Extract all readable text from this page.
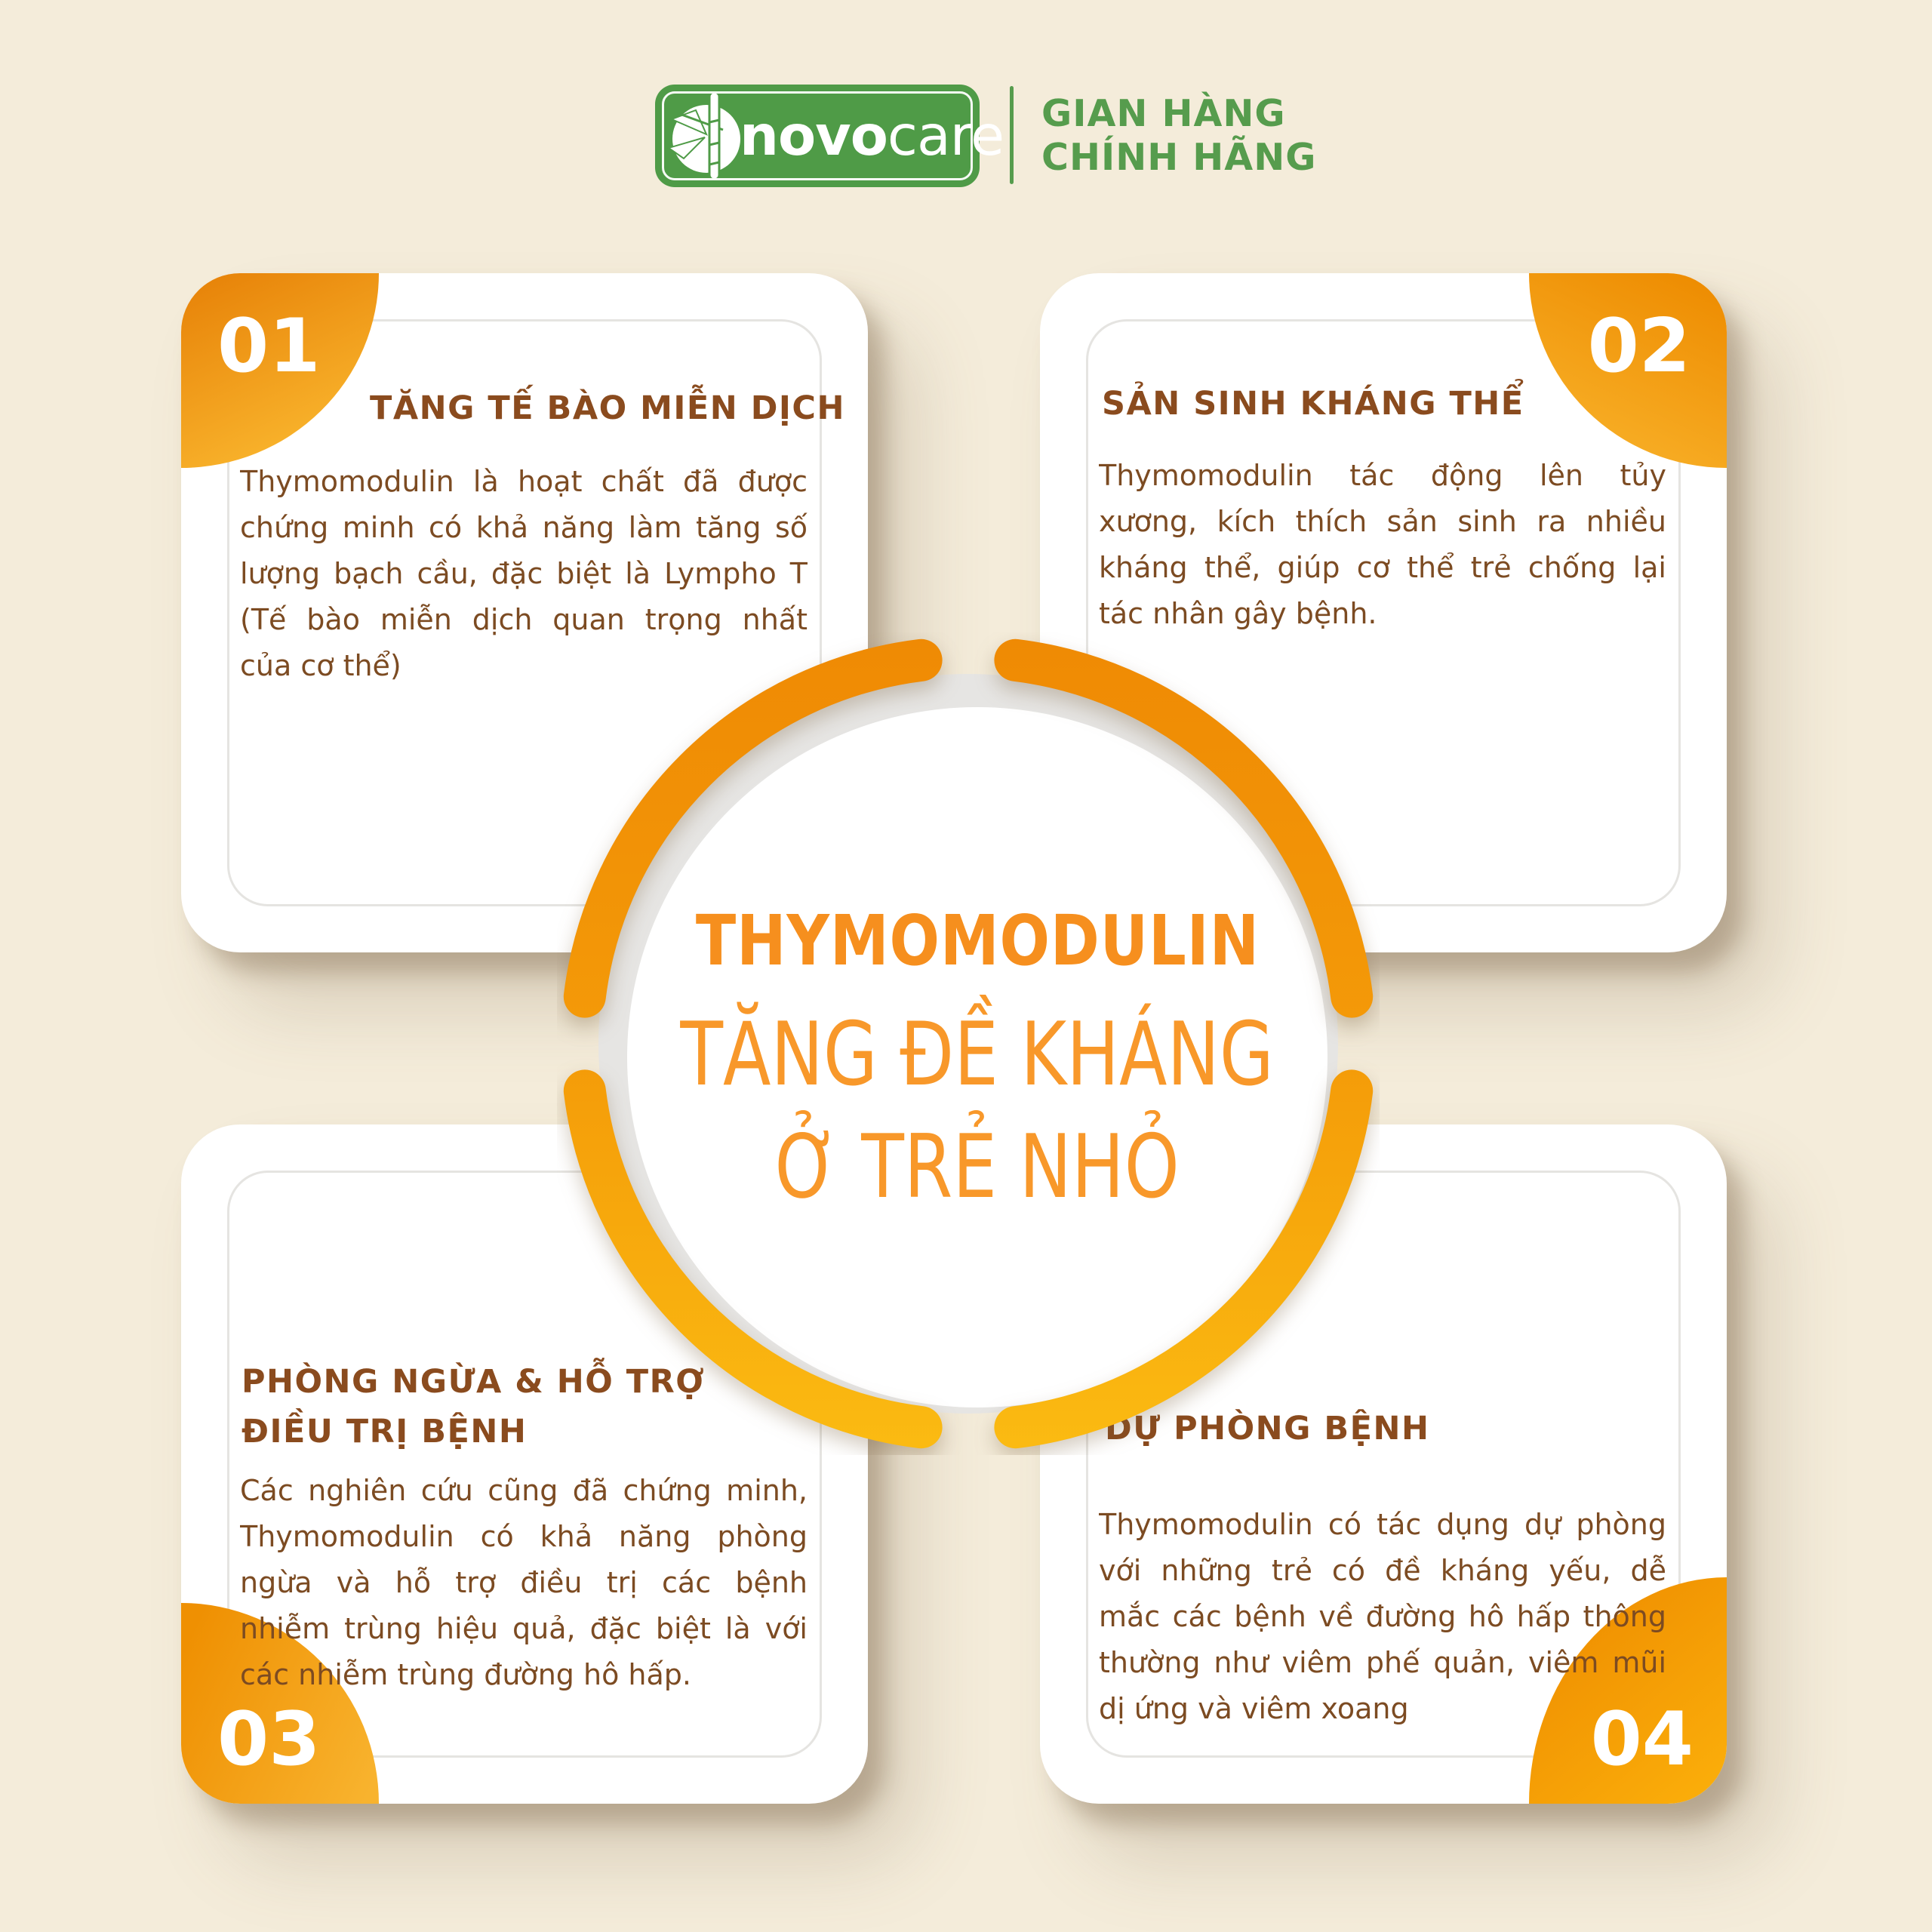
novo care GIAN HÀNG
CHÍNH HÃNG
01
TĂNG TẾ BÀO MIỄN DỊCH
Thymomodulin là hoạt chất đã được
chứng minh có khả năng làm tăng số
lượng bạch cầu, đặc biệt là Lympho T
(Tế bào miễn dịch quan trọng nhất
của cơ thể)
02
SẢN SINH KHÁNG THỂ
Thymomodulin tác động lên tủy
xương, kích thích sản sinh ra nhiều
kháng thể, giúp cơ thể trẻ chống lại
tác nhân gây bệnh.
03
PHÒNG NGỪA & HỖ TRỢ
ĐIỀU TRỊ BỆNH
Các nghiên cứu cũng đã chứng minh,
Thymomodulin có khả năng phòng
ngừa và hỗ trợ điều trị các bệnh
nhiễm trùng hiệu quả, đặc biệt là với
các nhiễm trùng đường hô hấp.
04
DỰ PHÒNG BỆNH
Thymomodulin có tác dụng dự phòng
với những trẻ có đề kháng yếu, dễ
mắc các bệnh về đường hô hấp thông
thường như viêm phế quản, viêm mũi
dị ứng và viêm xoang
THYMOMODULIN
TĂNG ĐỀ KHÁNG
Ở TRẺ NHỎ
